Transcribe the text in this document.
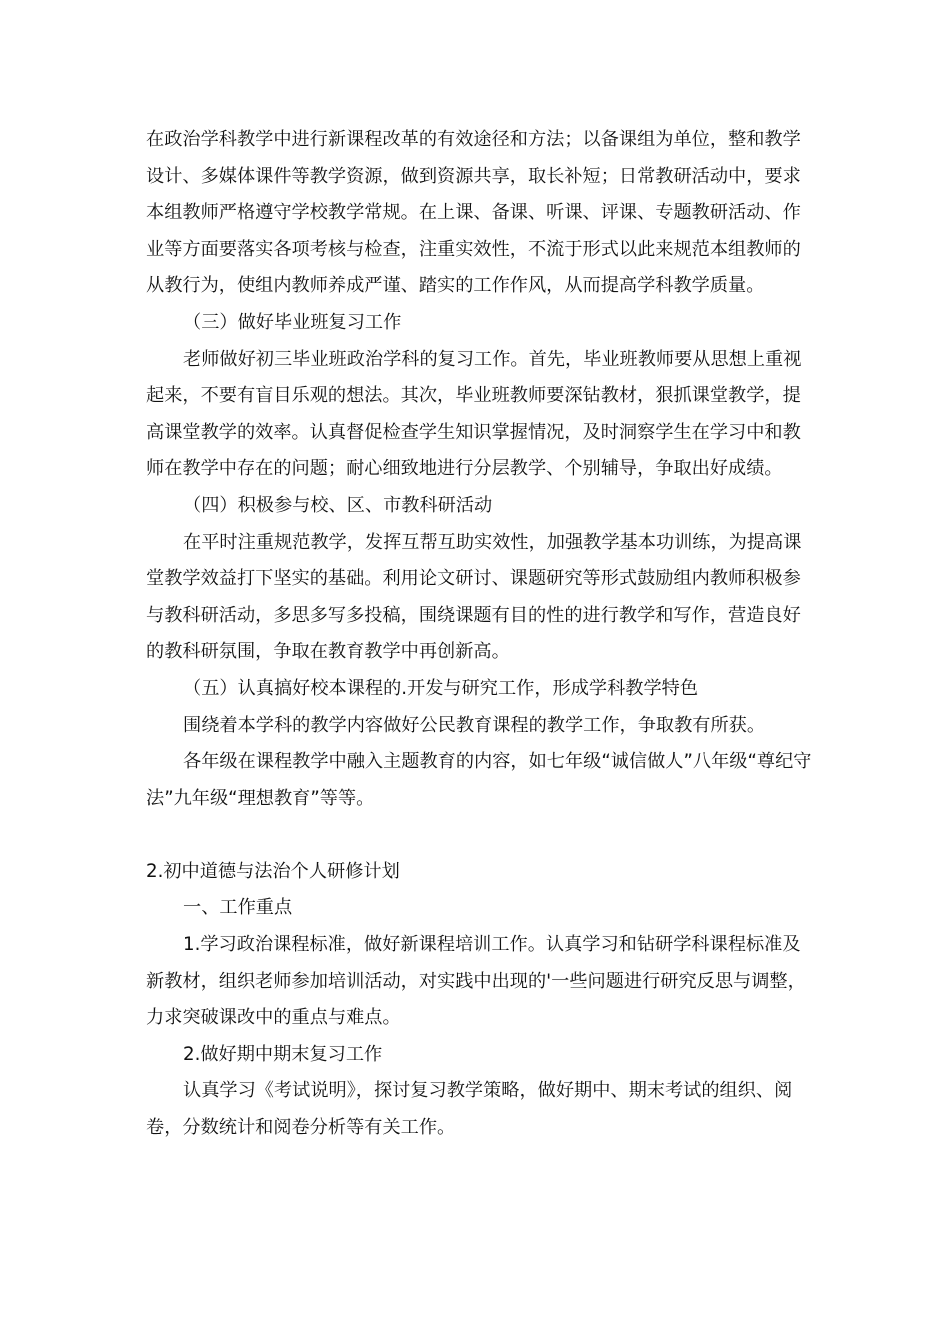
在政治学科教学中进行新课程改革的有效途径和方法；以备课组为单位，整和教学设计、多媒体课件等教学资源，做到资源共享，取长补短；日常教研活动中，要求本组教师严格遵守学校教学常规。在上课、备课、听课、评课、专题教研活动、作业等方面要落实各项考核与检查，注重实效性，不流于形式以此来规范本组教师的从教行为，使组内教师养成严谨、踏实的工作作风，从而提高学科教学质量。

（三）做好毕业班复习工作

老师做好初三毕业班政治学科的复习工作。首先，毕业班教师要从思想上重视起来，不要有盲目乐观的想法。其次，毕业班教师要深钻教材，狠抓课堂教学，提高课堂教学的效率。认真督促检查学生知识掌握情况，及时洞察学生在学习中和教师在教学中存在的问题；耐心细致地进行分层教学、个别辅导，争取出好成绩。

（四）积极参与校、区、市教科研活动

在平时注重规范教学，发挥互帮互助实效性，加强教学基本功训练，为提高课堂教学效益打下坚实的基础。利用论文研讨、课题研究等形式鼓励组内教师积极参与教科研活动，多思多写多投稿，围绕课题有目的性的进行教学和写作，营造良好的教科研氛围，争取在教育教学中再创新高。

（五）认真搞好校本课程的.开发与研究工作，形成学科教学特色

围绕着本学科的教学内容做好公民教育课程的教学工作，争取教有所获。

各年级在课程教学中融入主题教育的内容，如七年级“诚信做人”八年级“尊纪守法”九年级“理想教育”等等。

2.初中道德与法治个人研修计划

一、工作重点

1.学习政治课程标准，做好新课程培训工作。认真学习和钻研学科课程标准及新教材，组织老师参加培训活动，对实践中出现的'一些问题进行研究反思与调整，力求突破课改中的重点与难点。

2.做好期中期末复习工作

认真学习《考试说明》，探讨复习教学策略，做好期中、期末考试的组织、阅卷，分数统计和阅卷分析等有关工作。
